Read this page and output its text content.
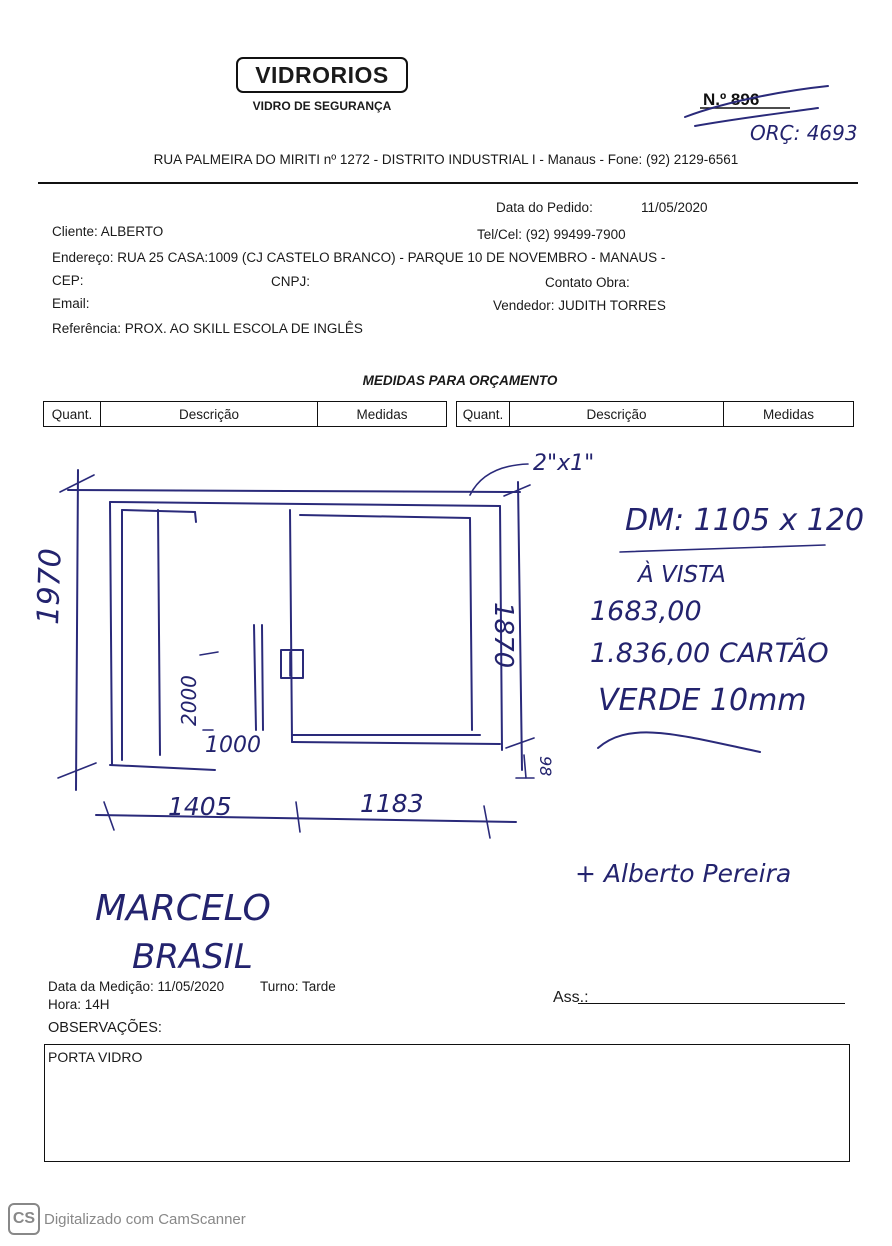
VIDRORIOS
VIDRO DE SEGURANÇA	N.º 896
ORÇ: 4693
RUA PALMEIRA DO MIRITI nº 1272 - DISTRITO INDUSTRIAL I - Manaus - Fone: (92) 2129-6561
Data do Pedido:	11/05/2020
Cliente: ALBERTO	Tel/Cel: (92) 99499-7900
Endereço: RUA 25 CASA:1009 (CJ CASTELO BRANCO) - PARQUE 10 DE NOVEMBRO - MANAUS -
CEP:	CNPJ:	Contato Obra:
Email:	Vendedor: JUDITH TORRES
Referência: PROX. AO SKILL ESCOLA DE INGLÊS
MEDIDAS PARA ORÇAMENTO
Quant.	Descrição	Medidas	Quant.	Descrição	Medidas
1970
1870
2000
1000
1405	1183
98
2"x1"
DM: 1105 x 120
À VISTA
1683,00
1.836,00 CARTÃO
VERDE 10mm
+ Alberto Pereira
MARCELO
BRASIL
Data da Medição: 11/05/2020	Turno: Tarde
Hora: 14H	Ass.:
OBSERVAÇÕES:
PORTA VIDRO
CS Digitalizado com CamScanner
